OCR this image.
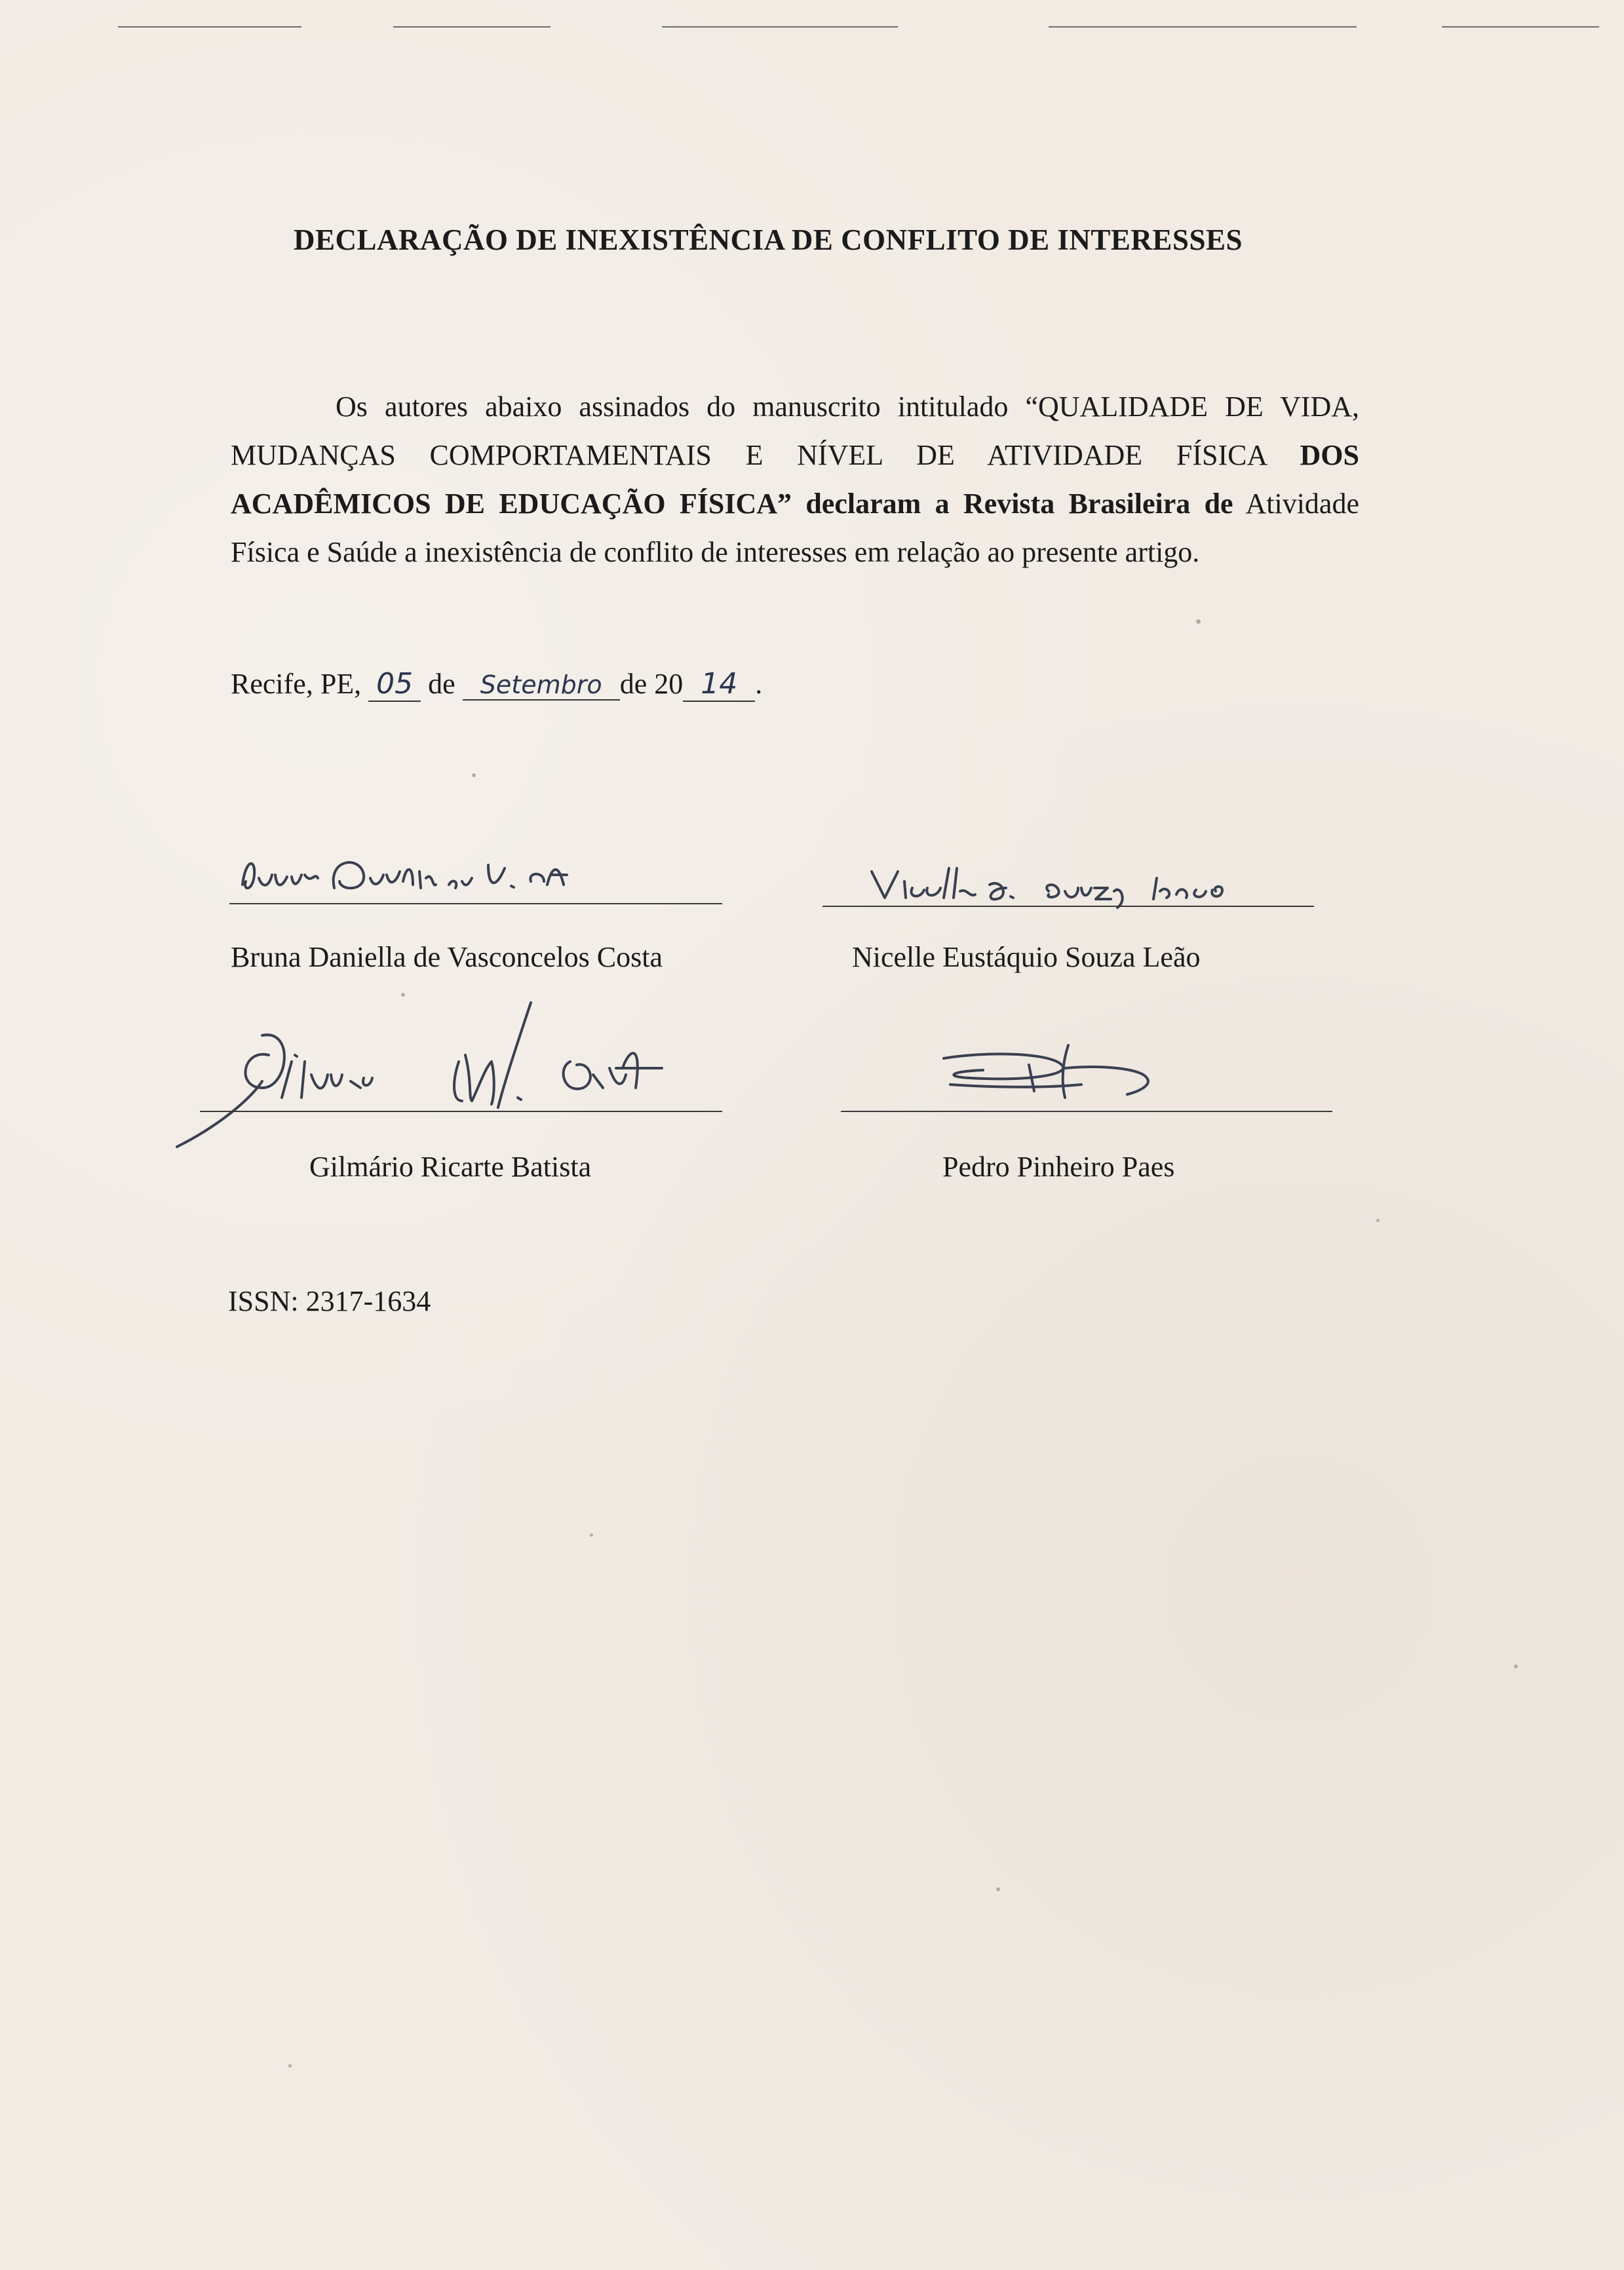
DECLARAÇÃO DE INEXISTÊNCIA DE CONFLITO DE INTERESSES
Os autores abaixo assinados do manuscrito intitulado “QUALIDADE DE VIDA, MUDANÇAS COMPORTAMENTAIS E NÍVEL DE ATIVIDADE FÍSICA DOS ACADÊMICOS DE EDUCAÇÃO FÍSICA” declaram a Revista Brasileira de Atividade Física e Saúde a inexistência de conflito de interesses em relação ao presente artigo.
Recife, PE, 05 de Setembro de 20 14 .
Bruna Daniella de Vasconcelos Costa	Nicelle Eustáquio Souza Leão
Gilmário Ricarte Batista	Pedro Pinheiro Paes
ISSN: 2317-1634
